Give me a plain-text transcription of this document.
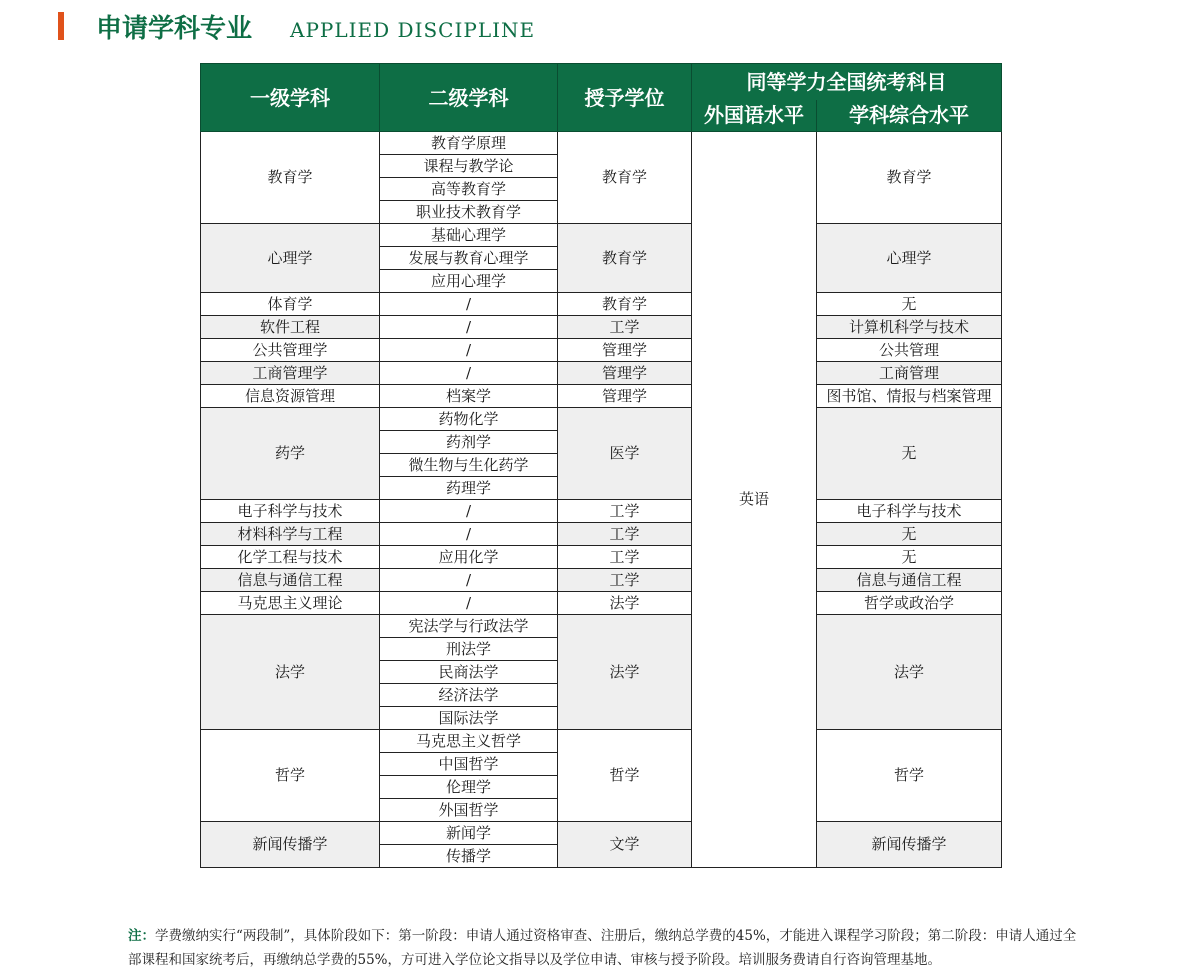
申请学科专业 APPLIED DISCIPLINE
一级学科	二级学科	授予学位	同等学力全国统考科目	
			外国语水平	学科综合水平
教育学	教育学原理	教育学	英语	教育学
	课程与教学论			
	高等教育学			
	职业技术教育学			
心理学	基础心理学	教育学		心理学
	发展与教育心理学			
	应用心理学			
体育学	/	教育学		无
软件工程	/	工学		计算机科学与技术
公共管理学	/	管理学		公共管理
工商管理学	/	管理学		工商管理
信息资源管理	档案学	管理学		图书馆、情报与档案管理
药学	药物化学	医学		无
	药剂学			
	微生物与生化药学			
	药理学			
电子科学与技术	/	工学		电子科学与技术
材料科学与工程	/	工学		无
化学工程与技术	应用化学	工学		无
信息与通信工程	/	工学		信息与通信工程
马克思主义理论	/	法学		哲学或政治学
法学	宪法学与行政法学	法学		法学
	刑法学			
	民商法学			
	经济法学			
	国际法学			
哲学	马克思主义哲学	哲学		哲学
	中国哲学			
	伦理学			
	外国哲学			
新闻传播学	新闻学	文学		新闻传播学
	传播学			
注：学费缴纳实行“两段制”，具体阶段如下：第一阶段：申请人通过资格审查、注册后，缴纳总学费的45%，才能进入课程学习阶段；第二阶段：申请人通过全部课程和国家统考后，再缴纳总学费的55%，方可进入学位论文指导以及学位申请、审核与授予阶段。培训服务费请自行咨询管理基地。
